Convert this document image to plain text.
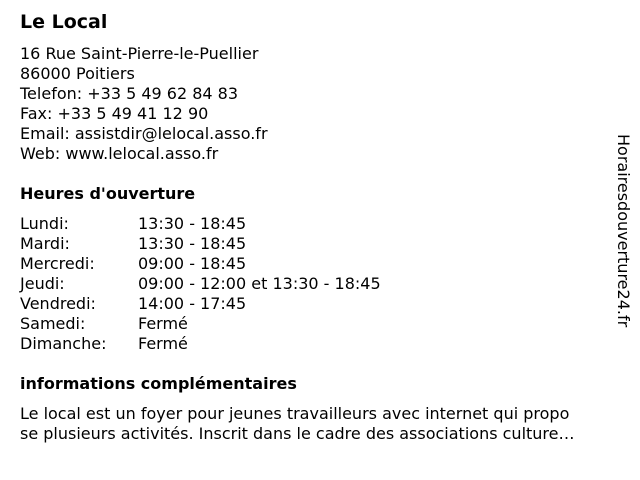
Le Local
16 Rue Saint-Pierre-le-Puellier
86000 Poitiers
Telefon: +33 5 49 62 84 83
Fax: +33 5 49 41 12 90
Email: assistdir@lelocal.asso.fr
Web: www.lelocal.asso.fr
Heures d'ouverture
Lundi:	13:30 - 18:45
Mardi:	13:30 - 18:45
Mercredi:	09:00 - 18:45
Jeudi:	09:00 - 12:00 et 13:30 - 18:45
Vendredi:	14:00 - 17:45
Samedi:	Fermé
Dimanche: Fermé
informations complémentaires
Le local est un foyer pour jeunes travailleurs avec internet qui propo
se plusieurs activités. Inscrit dans le cadre des associations culture…
Horairesdouverture24.fr
